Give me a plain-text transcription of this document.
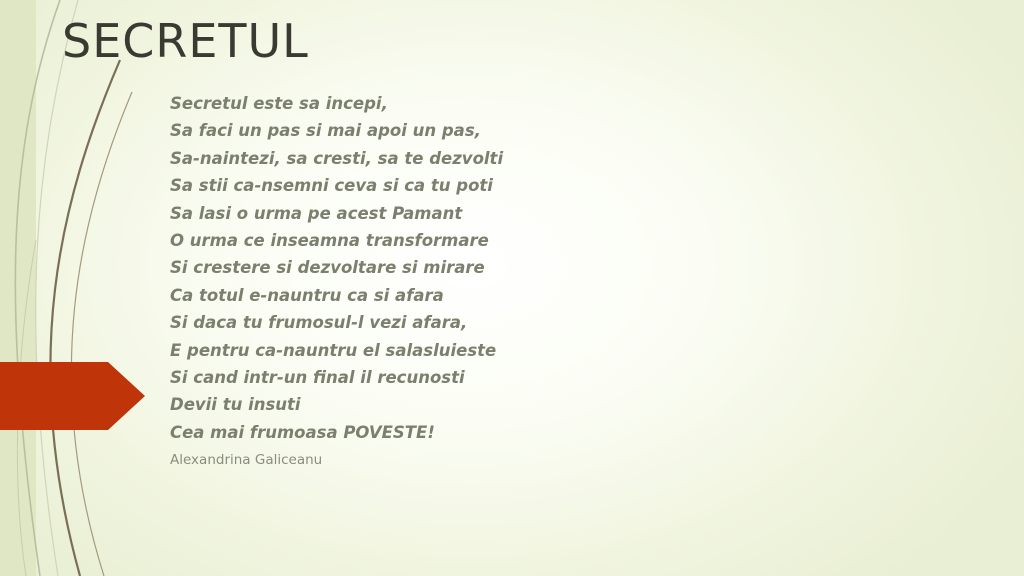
SECRETUL
Secretul este sa incepi,
Sa faci un pas si mai apoi un pas,
Sa-naintezi, sa cresti, sa te dezvolti
Sa stii ca-nsemni ceva si ca tu poti
Sa lasi o urma pe acest Pamant
O urma ce inseamna transformare
Si crestere si dezvoltare si mirare
Ca totul e-nauntru ca si afara
Si daca tu frumosul-l vezi afara,
E pentru ca-nauntru el salasluieste
Si cand intr-un final il recunosti
Devii tu insuti
Cea mai frumoasa POVESTE!
Alexandrina Galiceanu
